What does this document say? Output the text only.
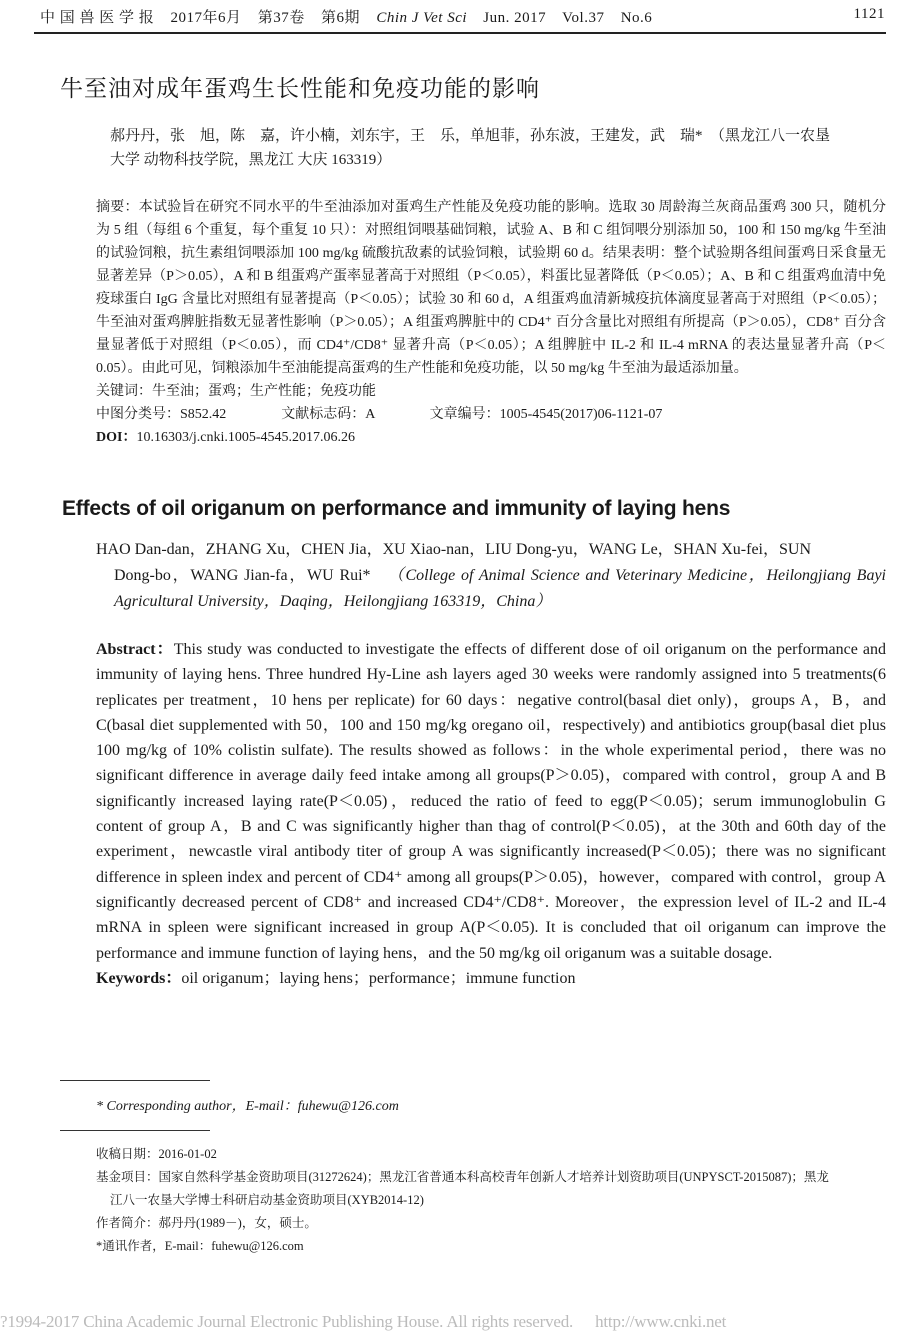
中 国 兽 医 学 报 2017年6月 第37卷 第6期 Chin J Vet Sci Jun. 2017 Vol.37 No.6	1121
牛至油对成年蛋鸡生长性能和免疫功能的影响
郝丹丹，张　旭，陈　嘉，许小楠，刘东宇，王　乐，单旭菲，孙东波，王建发，武　瑞*　（黑龙江八一农垦
大学 动物科技学院，黑龙江 大庆 163319）

摘要：本试验旨在研究不同水平的牛至油添加对蛋鸡生产性能及免疫功能的影响。选取 30 周龄海兰灰商品蛋鸡 300 只，随机分为 5 组（每组 6 个重复，每个重复 10 只）：对照组饲喂基础饲粮，试验 A、B 和 C 组饲喂分别添加 50，100 和 150 mg/kg 牛至油的试验饲粮，抗生素组饲喂添加 100 mg/kg 硫酸抗敌素的试验饲粮，试验期 60 d。结果表明：整个试验期各组间蛋鸡日采食量无显著差异（P＞0.05），A 和 B 组蛋鸡产蛋率显著高于对照组（P＜0.05），料蛋比显著降低（P＜0.05）；A、B 和 C 组蛋鸡血清中免疫球蛋白 IgG 含量比对照组有显著提高（P＜0.05）；试验 30 和 60 d，A 组蛋鸡血清新城疫抗体滴度显著高于对照组（P＜0.05）；牛至油对蛋鸡脾脏指数无显著性影响（P＞0.05）；A 组蛋鸡脾脏中的 CD4⁺ 百分含量比对照组有所提高（P＞0.05），CD8⁺ 百分含量显著低于对照组（P＜0.05），而 CD4⁺/CD8⁺ 显著升高（P＜0.05）；A 组脾脏中 IL-2 和 IL-4 mRNA 的表达量显著升高（P＜0.05）。由此可见，饲粮添加牛至油能提高蛋鸡的生产性能和免疫功能，以 50 mg/kg 牛至油为最适添加量。

关键词：牛至油；蛋鸡；生产性能；免疫功能

中图分类号：S852.42	文献标志码：A	文章编号：1005-4545(2017)06-1121-07

DOI：10.16303/j.cnki.1005-4545.2017.06.26

Effects of oil origanum on performance and immunity of laying hens
HAO Dan-dan，ZHANG Xu，CHEN Jia，XU Xiao-nan，LIU Dong-yu，WANG Le，SHAN Xu-fei，SUN
Dong-bo，WANG Jian-fa，WU Rui* （College of Animal Science and Veterinary Medicine，Heilongjiang Bayi Agricultural University，Daqing，Heilongjiang 163319，China）

Abstract：This study was conducted to investigate the effects of different dose of oil origanum on the performance and immunity of laying hens. Three hundred Hy-Line ash layers aged 30 weeks were randomly assigned into 5 treatments(6 replicates per treatment，10 hens per replicate) for 60 days：negative control(basal diet only)，groups A，B，and C(basal diet supplemented with 50，100 and 150 mg/kg oregano oil，respectively) and antibiotics group(basal diet plus 100 mg/kg of 10% colistin sulfate). The results showed as follows：in the whole experimental period，there was no significant difference in average daily feed intake among all groups(P＞0.05)，compared with control，group A and B significantly increased laying rate(P＜0.05)，reduced the ratio of feed to egg(P＜0.05)；serum immunoglobulin G content of group A，B and C was significantly higher than thag of control(P＜0.05)，at the 30th and 60th day of the experiment，newcastle viral antibody titer of group A was significantly increased(P＜0.05)；there was no significant difference in spleen index and percent of CD4⁺ among all groups(P＞0.05)，however，compared with control，group A significantly decreased percent of CD8⁺ and increased CD4⁺/CD8⁺. Moreover，the expression level of IL-2 and IL-4 mRNA in spleen were significant increased in group A(P＜0.05). It is concluded that oil origanum can improve the performance and immune function of laying hens，and the 50 mg/kg oil origanum was a suitable dosage.

Keywords：oil origanum；laying hens；performance；immune function

* Corresponding author，E-mail：fuhewu@126.com

收稿日期：2016-01-02

基金项目：国家自然科学基金资助项目(31272624)；黑龙江省普通本科高校青年创新人才培养计划资助项目(UNPYSCT-2015087)；黑龙

江八一农垦大学博士科研启动基金资助项目(XYB2014-12)

作者简介：郝丹丹(1989－)，女，硕士。

*通讯作者，E-mail：fuhewu@126.com

?1994-2017 China Academic Journal Electronic Publishing House. All rights reserved. http://www.cnki.net
